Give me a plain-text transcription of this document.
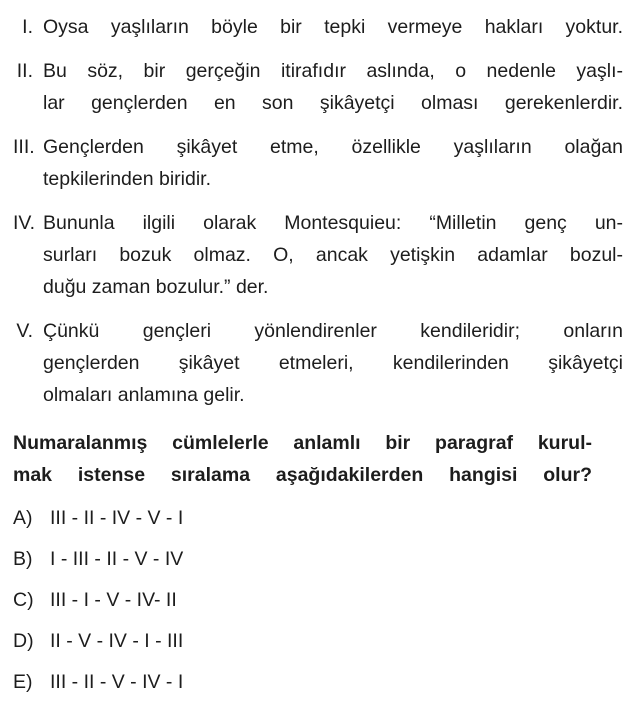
I. Oysa yaşlıların böyle bir tepki vermeye hakları yoktur.
II. Bu söz, bir gerçeğin itirafıdır aslında, o nedenle yaşlı-
lar gençlerden en son şikâyetçi olması gerekenlerdir.
III. Gençlerden şikâyet etme, özellikle yaşlıların olağan
tepkilerinden biridir.
IV. Bununla ilgili olarak Montesquieu: “Milletin genç un-
surları bozuk olmaz. O, ancak yetişkin adamlar bozul-
duğu zaman bozulur.” der.
V. Çünkü gençleri yönlendirenler kendileridir; onların
gençlerden şikâyet etmeleri, kendilerinden şikâyetçi
olmaları anlamına gelir.
Numaralanmış cümlelerle anlamlı bir paragraf kurul-
mak istense sıralama aşağıdakilerden hangisi olur?
A) III - II - IV - V - I
B) I - III - II - V - IV
C) III - I - V - IV- II
D) II - V - IV - I - III
E) III - II - V - IV - I
